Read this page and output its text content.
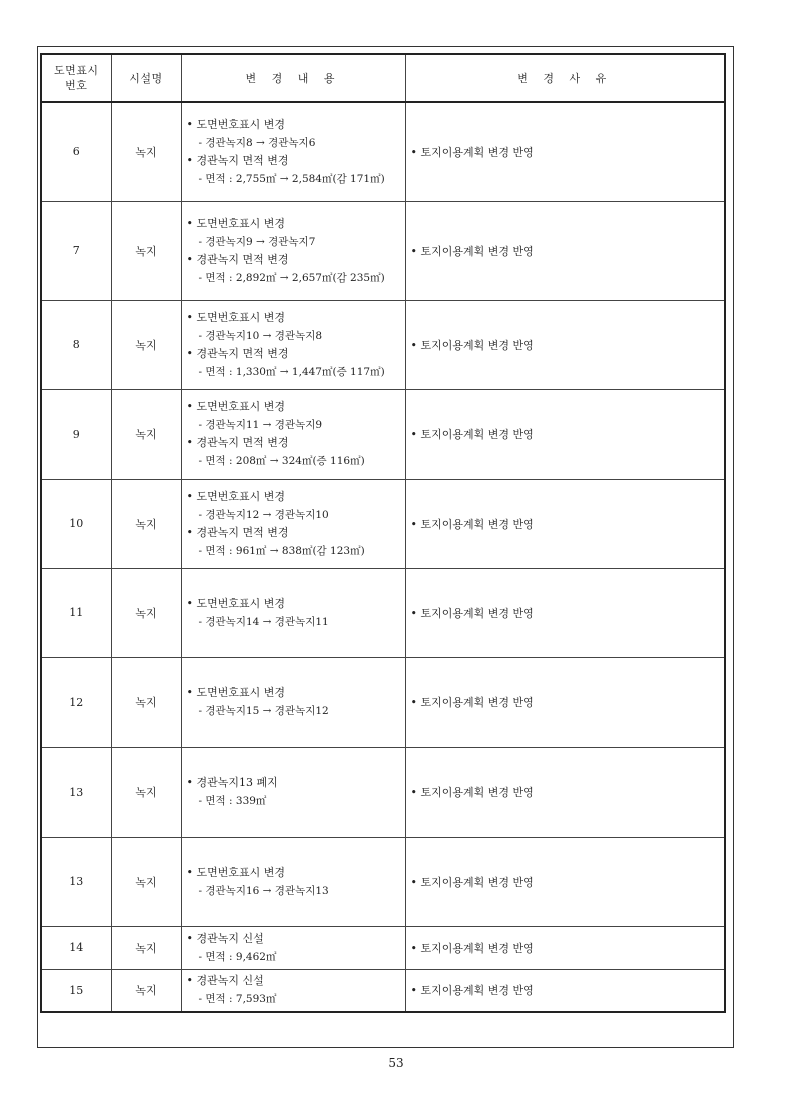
도면표시
번호	시설명	변 경 내 용	변 경 사 유
6	녹지	• 도면번호표시 변경
- 경관녹지8 → 경관녹지6
• 경관녹지 면적 변경
- 면적 : 2,755㎡ → 2,584㎡(감 171㎡)	• 토지이용계획 변경 반영
7	녹지	• 도면번호표시 변경
- 경관녹지9 → 경관녹지7
• 경관녹지 면적 변경
- 면적 : 2,892㎡ → 2,657㎡(감 235㎡)	• 토지이용계획 변경 반영
8	녹지	• 도면번호표시 변경
- 경관녹지10 → 경관녹지8
• 경관녹지 면적 변경
- 면적 : 1,330㎡ → 1,447㎡(증 117㎡)	• 토지이용계획 변경 반영
9	녹지	• 도면번호표시 변경
- 경관녹지11 → 경관녹지9
• 경관녹지 면적 변경
- 면적 : 208㎡ → 324㎡(증 116㎡)	• 토지이용계획 변경 반영
10	녹지	• 도면번호표시 변경
- 경관녹지12 → 경관녹지10
• 경관녹지 면적 변경
- 면적 : 961㎡ → 838㎡(감 123㎡)	• 토지이용계획 변경 반영
11	녹지	• 도면번호표시 변경
- 경관녹지14 → 경관녹지11	• 토지이용계획 변경 반영
12	녹지	• 도면번호표시 변경
- 경관녹지15 → 경관녹지12	• 토지이용계획 변경 반영
13	녹지	• 경관녹지13 폐지
- 면적 : 339㎡	• 토지이용계획 변경 반영
13	녹지	• 도면번호표시 변경
- 경관녹지16 → 경관녹지13	• 토지이용계획 변경 반영
14	녹지	• 경관녹지 신설
- 면적 : 9,462㎡	• 토지이용계획 변경 반영
15	녹지	• 경관녹지 신설
- 면적 : 7,593㎡	• 토지이용계획 변경 반영
53
